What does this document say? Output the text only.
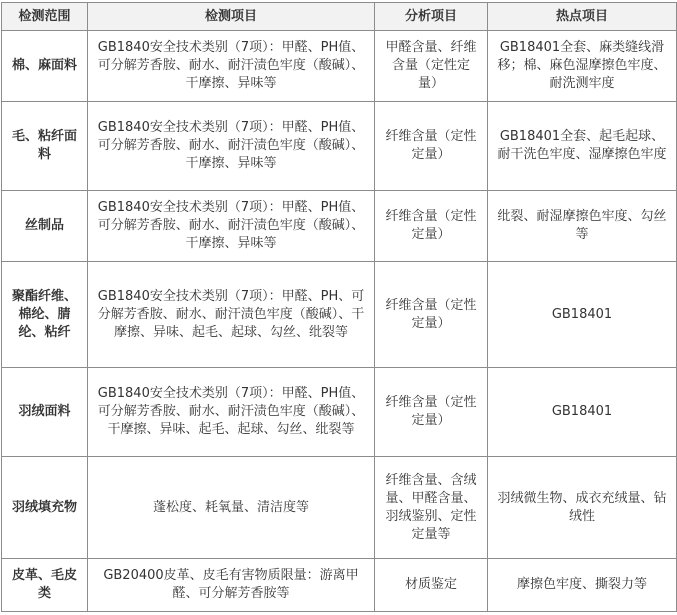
检测范围	检测项目	分析项目	热点项目
棉、麻面料	GB1840安全技术类别（7项）：甲醛、PH值、可分解芳香胺、耐水、耐汗渍色牢度（酸碱）、干摩擦、异味等	甲醛含量、纤维含量（定性定量）	GB18401全套、麻类缝线滑移；棉、麻色湿摩擦色牢度、耐洗测牢度
毛、粘纤面料	GB1840安全技术类别（7项）：甲醛、PH值、可分解芳香胺、耐水、耐汗渍色牢度（酸碱）、干摩擦、异味等	纤维含量（定性定量）	GB18401全套、起毛起球、耐干洗色牢度、湿摩擦色牢度
丝制品	GB1840安全技术类别（7项）：甲醛、PH值、可分解芳香胺、耐水、耐汗渍色牢度（酸碱）、干摩擦、异味等	纤维含量（定性定量）	纰裂、耐湿摩擦色牢度、勾丝等
聚酯纤维、棉纶、腈纶、粘纤	GB1840安全技术类别（7项）：甲醛、PH、可分解芳香胺、耐水、耐汗渍色牢度（酸碱）、干摩擦、异味、起毛、起球、勾丝、纰裂等	纤维含量（定性定量）	GB18401
羽绒面料	GB1840安全技术类别（7项）：甲醛、PH值、可分解芳香胺、耐水、耐汗渍色牢度（酸碱）、干摩擦、异味、起毛、起球、勾丝、纰裂等	纤维含量（定性定量）	GB18401
羽绒填充物	蓬松度、耗氧量、清洁度等	纤维含量、含绒量、甲醛含量、羽绒鉴别、定性定量等	羽绒微生物、成衣充绒量、钻绒性
皮革、毛皮类	GB20400皮革、皮毛有害物质限量：游离甲醛、可分解芳香胺等	材质鉴定	摩擦色牢度、撕裂力等
